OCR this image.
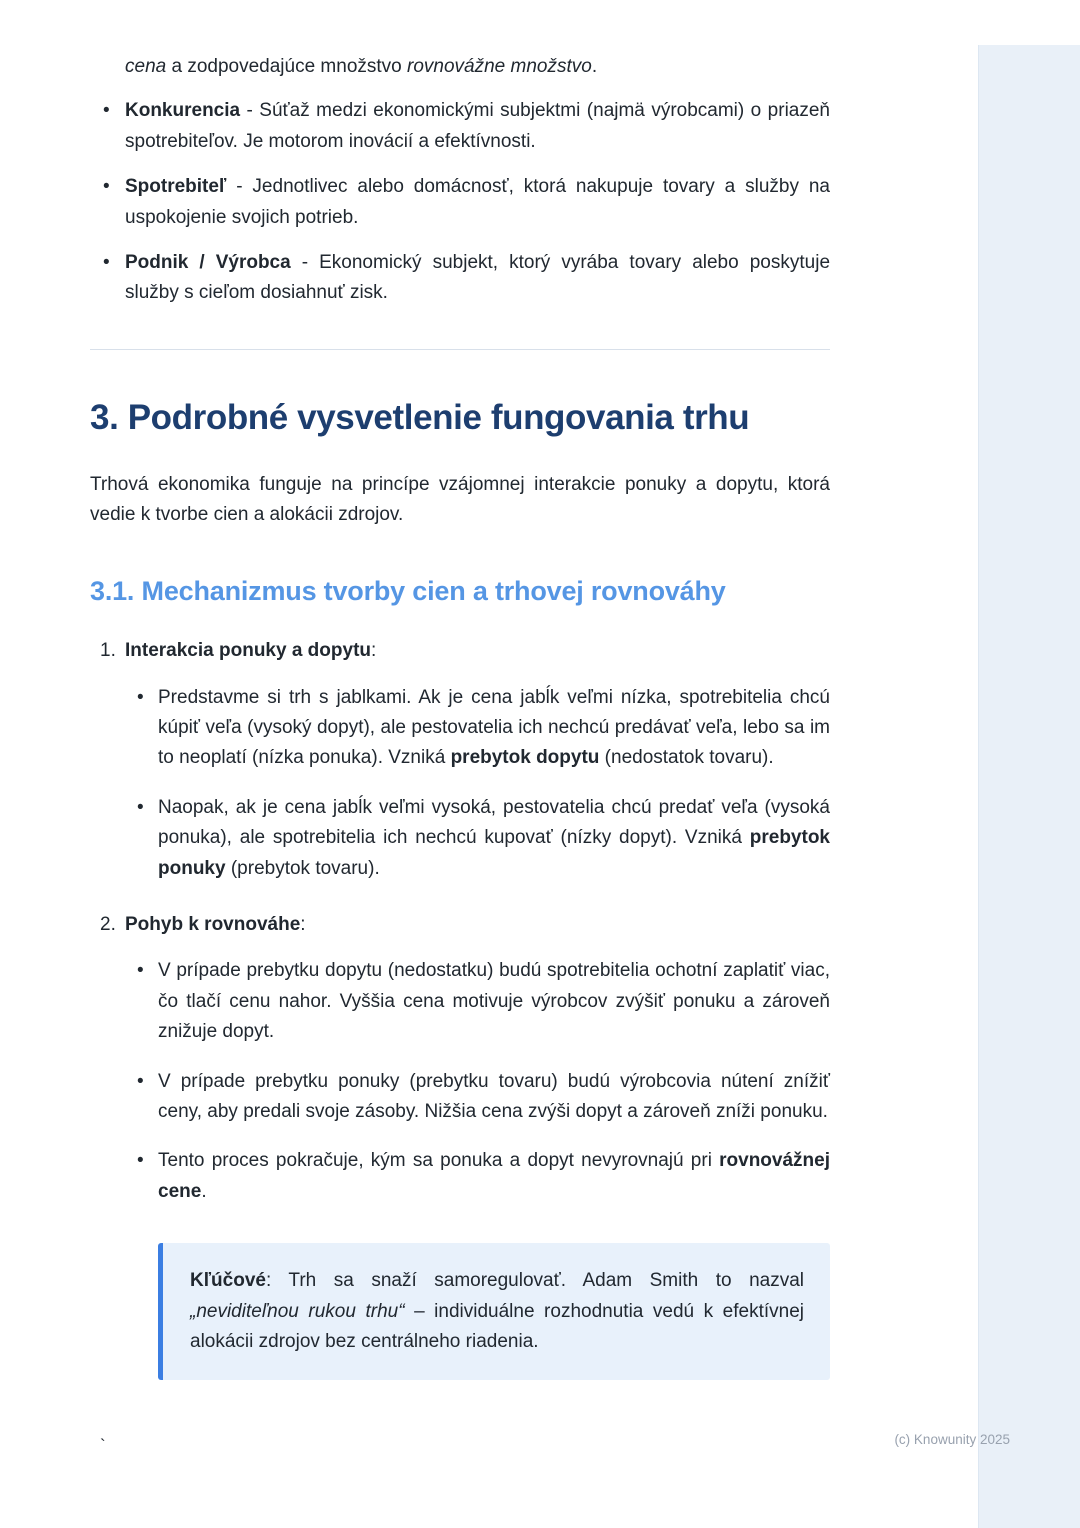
cena a zodpovedajúce množstvo rovnovážne množstvo.

• Konkurencia - Súťaž medzi ekonomickými subjektmi (najmä výrobcami) o priazeň spotrebiteľov. Je motorom inovácií a efektívnosti.
• Spotrebiteľ - Jednotlivec alebo domácnosť, ktorá nakupuje tovary a služby na uspokojenie svojich potrieb.
• Podnik / Výrobca - Ekonomický subjekt, ktorý vyrába tovary alebo poskytuje služby s cieľom dosiahnuť zisk.
3. Podrobné vysvetlenie fungovania trhu

Trhová ekonomika funguje na princípe vzájomnej interakcie ponuky a dopytu, ktorá vedie k tvorbe cien a alokácii zdrojov.

3.1. Mechanizmus tvorby cien a trhovej rovnováhy
1. Interakcia ponuky a dopytu:
• Predstavme si trh s jablkami. Ak je cena jabĺk veľmi nízka, spotrebitelia chcú kúpiť veľa (vysoký dopyt), ale pestovatelia ich nechcú predávať veľa, lebo sa im to neoplatí (nízka ponuka). Vzniká prebytok dopytu (nedostatok tovaru).
• Naopak, ak je cena jabĺk veľmi vysoká, pestovatelia chcú predať veľa (vysoká ponuka), ale spotrebitelia ich nechcú kupovať (nízky dopyt). Vzniká prebytok ponuky (prebytok tovaru).
2. Pohyb k rovnováhe:
• V prípade prebytku dopytu (nedostatku) budú spotrebitelia ochotní zaplatiť viac, čo tlačí cenu nahor. Vyššia cena motivuje výrobcov zvýšiť ponuku a zároveň znižuje dopyt.
• V prípade prebytku ponuky (prebytku tovaru) budú výrobcovia nútení znížiť ceny, aby predali svoje zásoby. Nižšia cena zvýši dopyt a zároveň zníži ponuku.
• Tento proces pokračuje, kým sa ponuka a dopyt nevyrovnajú pri rovnovážnej cene.

Kľúčové: Trh sa snaží samoregulovať. Adam Smith to nazval „neviditeľnou rukou trhu“ – individuálne rozhodnutia vedú k efektívnej alokácii zdrojov bez centrálneho riadenia.

`	(c) Knowunity 2025
